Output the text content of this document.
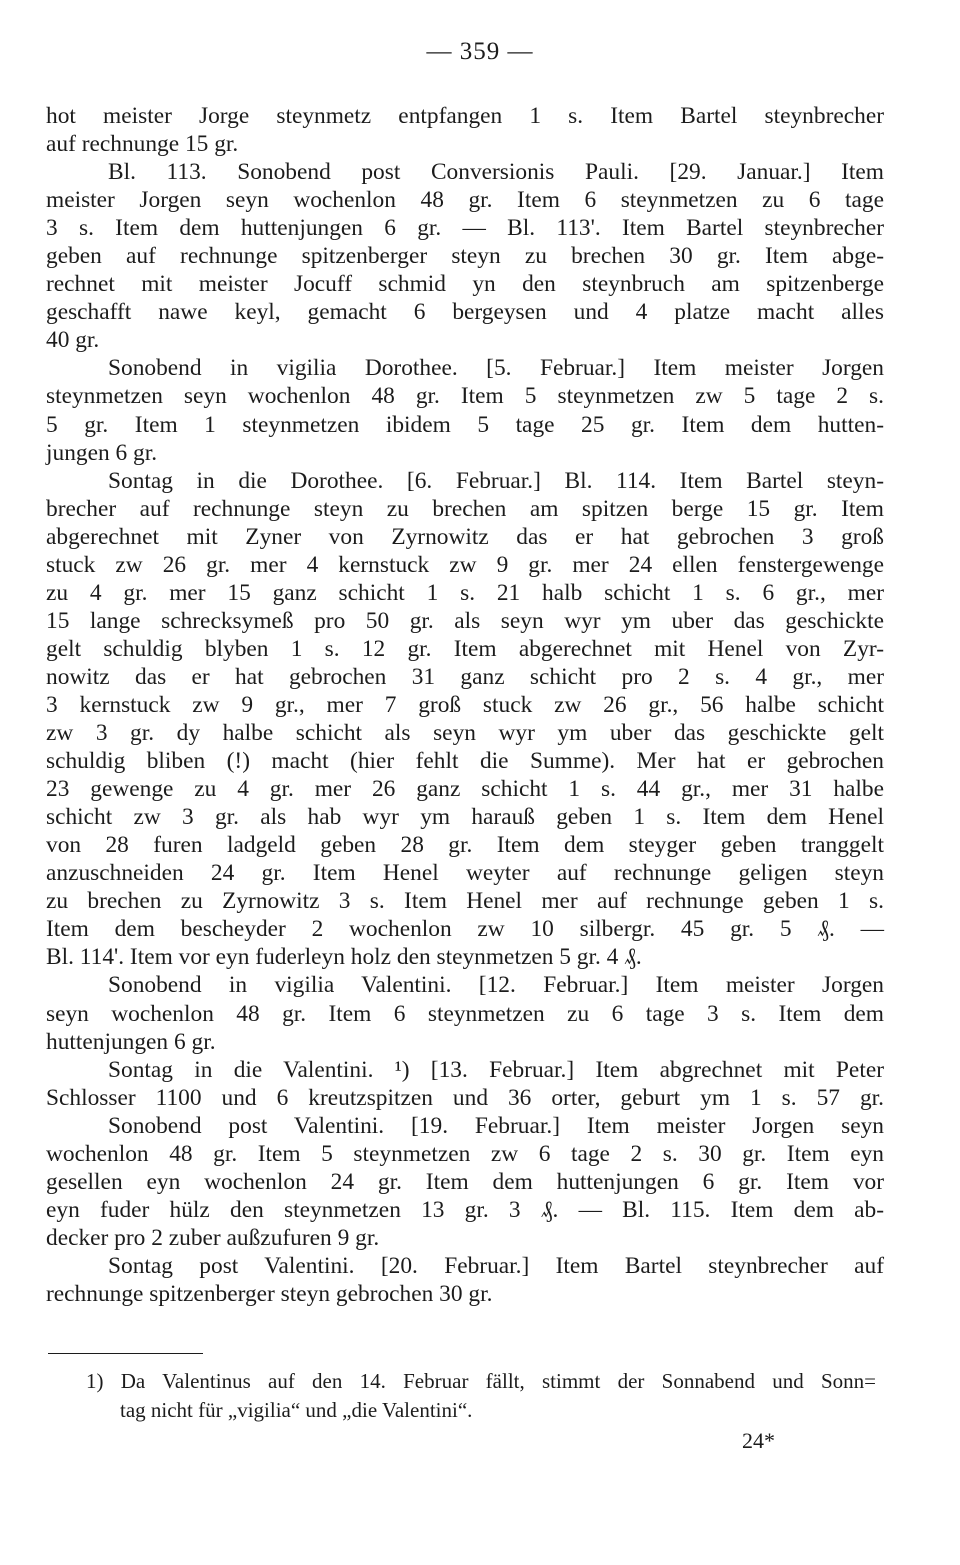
— 359 —
hot meister Jorge steynmetz entpfangen 1 s. Item Bartel steynbrecher
auf rechnunge 15 gr.
Bl. 113. Sonobend post Conversionis Pauli. [29. Januar.] Item
meister Jorgen seyn wochenlon 48 gr. Item 6 steynmetzen zu 6 tage
3 s. Item dem huttenjungen 6 gr. — Bl. 113'. Item Bartel steynbrecher
geben auf rechnunge spitzenberger steyn zu brechen 30 gr. Item abge-
rechnet mit meister Jocuff schmid yn den steynbruch am spitzenberge
geschafft nawe keyl, gemacht 6 bergeysen und 4 platze macht alles
40 gr.
Sonobend in vigilia Dorothee. [5. Februar.] Item meister Jorgen
steynmetzen seyn wochenlon 48 gr. Item 5 steynmetzen zw 5 tage 2 s.
5 gr. Item 1 steynmetzen ibidem 5 tage 25 gr. Item dem hutten-
jungen 6 gr.
Sontag in die Dorothee. [6. Februar.] Bl. 114. Item Bartel steyn-
brecher auf rechnunge steyn zu brechen am spitzen berge 15 gr. Item
abgerechnet mit Zyner von Zyrnowitz das er hat gebrochen 3 groß
stuck zw 26 gr. mer 4 kernstuck zw 9 gr. mer 24 ellen fenstergewenge
zu 4 gr. mer 15 ganz schicht 1 s. 21 halb schicht 1 s. 6 gr., mer
15 lange schrecksymeß pro 50 gr. als seyn wyr ym uber das geschickte
gelt schuldig blyben 1 s. 12 gr. Item abgerechnet mit Henel von Zyr-
nowitz das er hat gebrochen 31 ganz schicht pro 2 s. 4 gr., mer
3 kernstuck zw 9 gr., mer 7 groß stuck zw 26 gr., 56 halbe schicht
zw 3 gr. dy halbe schicht als seyn wyr ym uber das geschickte gelt
schuldig bliben (!) macht (hier fehlt die Summe). Mer hat er gebrochen
23 gewenge zu 4 gr. mer 26 ganz schicht 1 s. 44 gr., mer 31 halbe
schicht zw 3 gr. als hab wyr ym harauß geben 1 s. Item dem Henel
von 28 furen ladgeld geben 28 gr. Item dem steyger geben tranggelt
anzuschneiden 24 gr. Item Henel weyter auf rechnunge geligen steyn
zu brechen zu Zyrnowitz 3 s. Item Henel mer auf rechnunge geben 1 s.
Item dem bescheyder 2 wochenlon zw 10 silbergr. 45 gr. 5 ₰. —
Bl. 114'. Item vor eyn fuderleyn holz den steynmetzen 5 gr. 4 ₰.
Sonobend in vigilia Valentini. [12. Februar.] Item meister Jorgen
seyn wochenlon 48 gr. Item 6 steynmetzen zu 6 tage 3 s. Item dem
huttenjungen 6 gr.
Sontag in die Valentini. ¹) [13. Februar.] Item abgrechnet mit Peter
Schlosser 1100 und 6 kreutzspitzen und 36 orter, geburt ym 1 s. 57 gr.
Sonobend post Valentini. [19. Februar.] Item meister Jorgen seyn
wochenlon 48 gr. Item 5 steynmetzen zw 6 tage 2 s. 30 gr. Item eyn
gesellen eyn wochenlon 24 gr. Item dem huttenjungen 6 gr. Item vor
eyn fuder hülz den steynmetzen 13 gr. 3 ₰. — Bl. 115. Item dem ab-
decker pro 2 zuber außzufuren 9 gr.
Sontag post Valentini. [20. Februar.] Item Bartel steynbrecher auf
rechnunge spitzenberger steyn gebrochen 30 gr.
1) Da Valentinus auf den 14. Februar fällt, stimmt der Sonnabend und Sonn=
tag nicht für „vigilia“ und „die Valentini“.
24*
